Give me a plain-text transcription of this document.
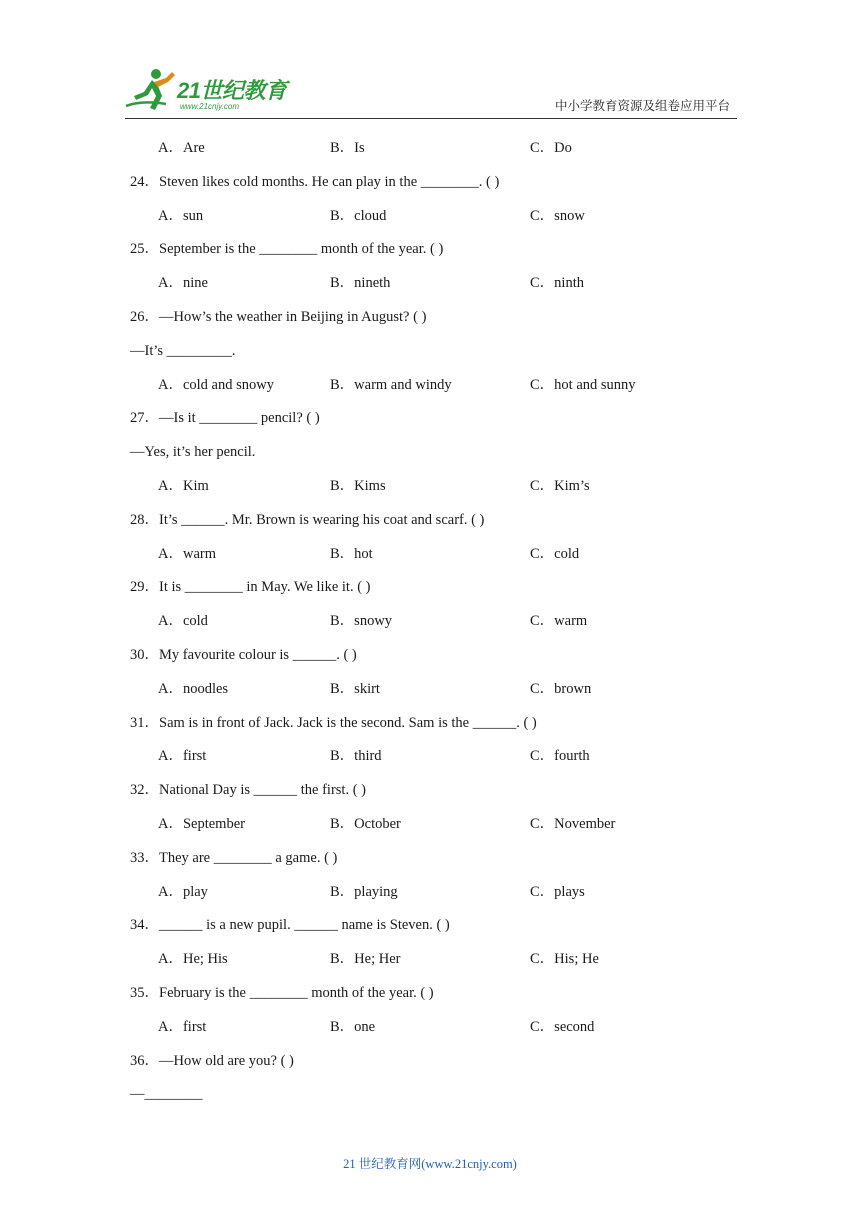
21世纪教育
www.21cnjy.com	中小学教育资源及组卷应用平台
A．Are	B．Is	C．Do
24．Steven likes cold months. He can play in the ________. ( )
A．sun	B．cloud	C．snow
25．September is the ________ month of the year. ( )
A．nine	B．nineth	C．ninth
26．—How’s the weather in Beijing in August? ( )
—It’s _________.
A．cold and snowy	B．warm and windy	C．hot and sunny
27．—Is it ________ pencil? ( )
—Yes, it’s her pencil.
A．Kim	B．Kims	C．Kim’s
28．It’s ______. Mr. Brown is wearing his coat and scarf. ( )
A．warm	B．hot	C．cold
29．It is ________ in May. We like it. ( )
A．cold	B．snowy	C．warm
30．My favourite colour is ______. ( )
A．noodles	B．skirt	C．brown
31．Sam is in front of Jack. Jack is the second. Sam is the ______. ( )
A．first	B．third	C．fourth
32．National Day is ______ the first. ( )
A．September	B．October	C．November
33．They are ________ a game. ( )
A．play	B．playing	C．plays
34．______ is a new pupil. ______ name is Steven. ( )
A．He; His	B．He; Her	C．His; He
35．February is the ________ month of the year. ( )
A．first	B．one	C．second
36．—How old are you? ( )
—________
21 世纪教育网(www.21cnjy.com)
